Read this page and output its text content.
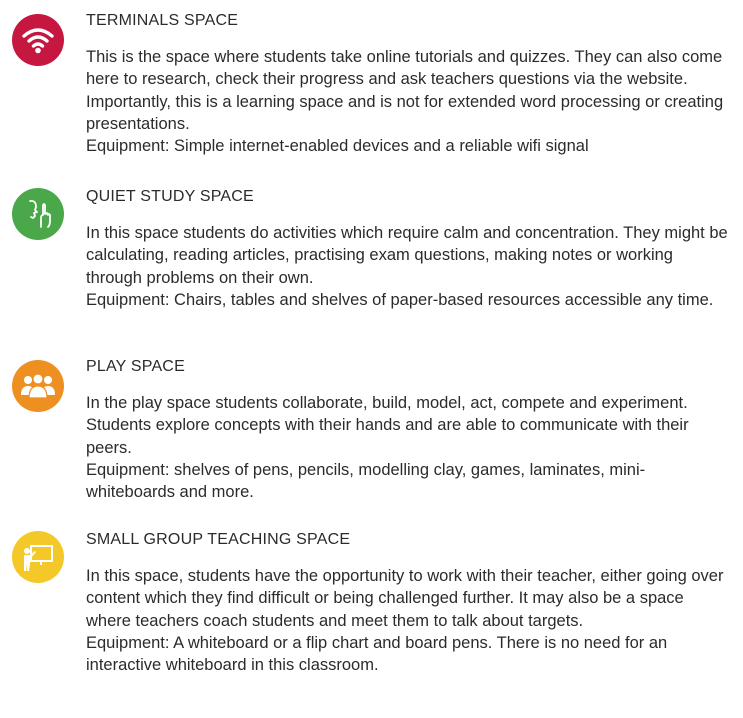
TERMINALS SPACE

This is the space where students take online tutorials and quizzes. They can also come here to research, check their progress and ask teachers questions via the website. Importantly, this is a learning space and is not for extended word processing or creating presentations.

Equipment: Simple internet-enabled devices and a reliable wifi signal

QUIET STUDY SPACE

In this space students do activities which require calm and concentration. They might be calculating, reading articles, practising exam questions, making notes or working through problems on their own.

Equipment: Chairs, tables and shelves of paper-based resources accessible any time.

PLAY SPACE

In the play space students collaborate, build, model, act, compete and experiment. Students explore concepts with their hands and are able to communicate with their peers.

Equipment: shelves of pens, pencils, modelling clay, games, laminates, mini-whiteboards and more.

SMALL GROUP TEACHING SPACE

In this space, students have the opportunity to work with their teacher, either going over content which they find difficult or being challenged further. It may also be a space where teachers coach students and meet them to talk about targets.

Equipment: A whiteboard or a flip chart and board pens. There is no need for an interactive whiteboard in this classroom.
